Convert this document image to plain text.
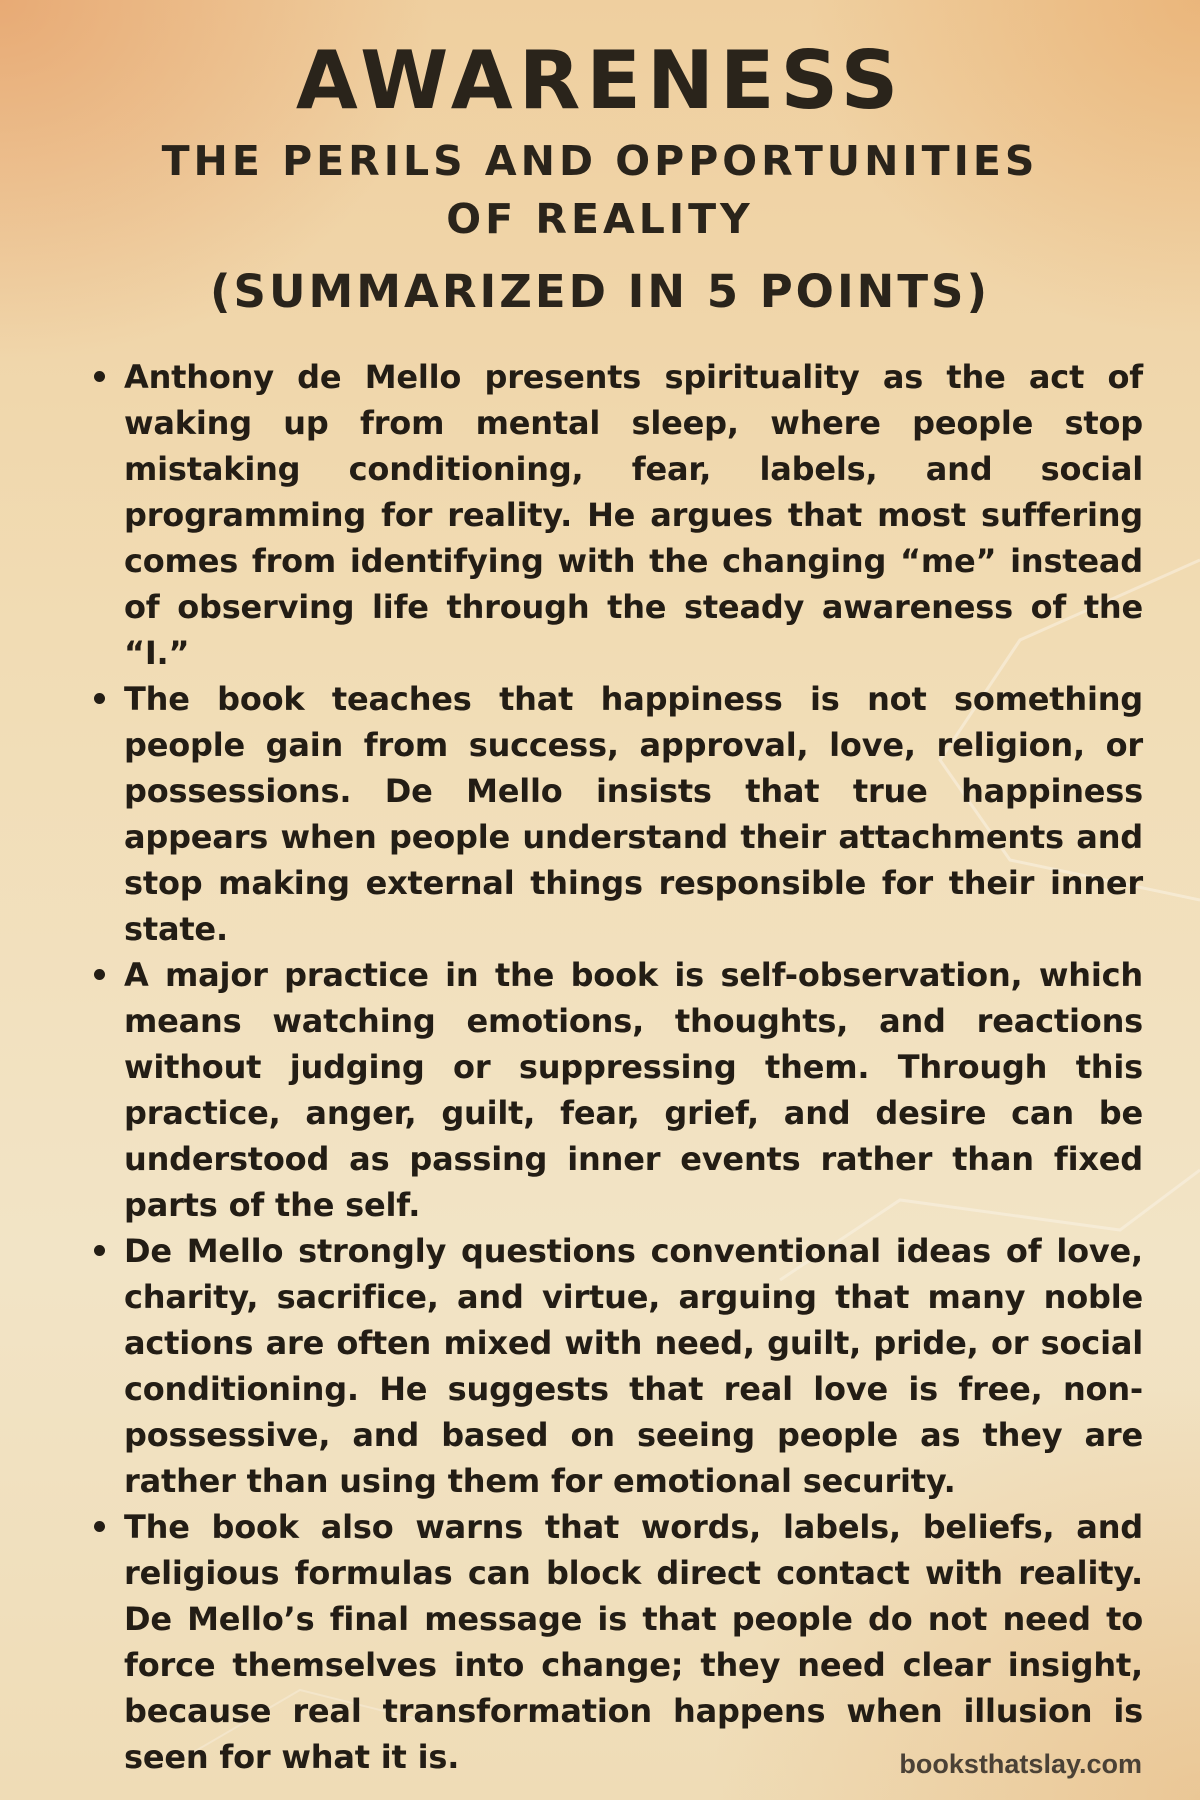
AWARENESS
THE PERILS AND OPPORTUNITIES OF REALITY
(SUMMARIZED IN 5 POINTS)
Anthony de Mello presents spirituality as the act of waking up from mental sleep, where people stop mistaking conditioning, fear, labels, and social programming for reality. He argues that most suffering comes from identifying with the changing “me” instead of observing life through the steady awareness of the “I.”
The book teaches that happiness is not something people gain from success, approval, love, religion, or possessions. De Mello insists that true happiness appears when people understand their attachments and stop making external things responsible for their inner state.
A major practice in the book is self-observation, which means watching emotions, thoughts, and reactions without judging or suppressing them. Through this practice, anger, guilt, fear, grief, and desire can be understood as passing inner events rather than fixed parts of the self.
De Mello strongly questions conventional ideas of love, charity, sacrifice, and virtue, arguing that many noble actions are often mixed with need, guilt, pride, or social conditioning. He suggests that real love is free, non-possessive, and based on seeing people as they are rather than using them for emotional security.
The book also warns that words, labels, beliefs, and religious formulas can block direct contact with reality. De Mello’s final message is that people do not need to force themselves into change; they need clear insight, because real transformation happens when illusion is seen for what it is.	booksthatslay.com
